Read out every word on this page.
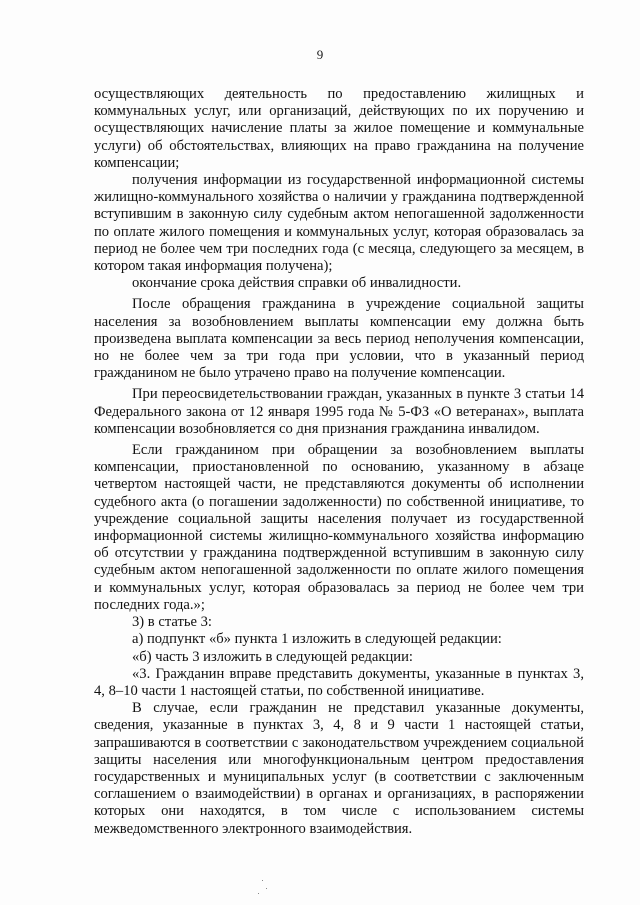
9

осуществляющих деятельность по предоставлению жилищных и коммунальных услуг, или организаций, действующих по их поручению и осуществляющих начисление платы за жилое помещение и коммунальные услуги) об обстоятельствах, влияющих на право гражданина на получение компенсации;

получения информации из государственной информационной системы жилищно-коммунального хозяйства о наличии у гражданина подтвержденной вступившим в законную силу судебным актом непогашенной задолженности по оплате жилого помещения и коммунальных услуг, которая образовалась за период не более чем три последних года (с месяца, следующего за месяцем, в котором такая информация получена);

окончание срока действия справки об инвалидности.

После обращения гражданина в учреждение социальной защиты населения за возобновлением выплаты компенсации ему должна быть произведена выплата компенсации за весь период неполучения компенсации, но не более чем за три года при условии, что в указанный период гражданином не было утрачено право на получение компенсации.

При переосвидетельствовании граждан, указанных в пункте 3 статьи 14 Федерального закона от 12 января 1995 года № 5-ФЗ «О ветеранах», выплата компенсации возобновляется со дня признания гражданина инвалидом.

Если гражданином при обращении за возобновлением выплаты компенсации, приостановленной по основанию, указанному в абзаце четвертом настоящей части, не представляются документы об исполнении судебного акта (о погашении задолженности) по собственной инициативе, то учреждение социальной защиты населения получает из государственной информационной системы жилищно-коммунального хозяйства информацию об отсутствии у гражданина подтвержденной вступившим в законную силу судебным актом непогашенной задолженности по оплате жилого помещения и коммунальных услуг, которая образовалась за период не более чем три последних года.»;

3) в статье 3:

а) подпункт «б» пункта 1 изложить в следующей редакции:

«б) часть 3 изложить в следующей редакции:

«3. Гражданин вправе представить документы, указанные в пунктах 3, 4, 8–10 части 1 настоящей статьи, по собственной инициативе.

В случае, если гражданин не представил указанные документы, сведения, указанные в пунктах 3, 4, 8 и 9 части 1 настоящей статьи, запрашиваются в соответствии с законодательством учреждением социальной защиты населения или многофункциональным центром предоставления государственных и муниципальных услуг (в соответствии с заключенным соглашением о взаимодействии) в органах и организациях, в распоряжении которых они находятся, в том числе с использованием системы межведомственного электронного взаимодействия.
